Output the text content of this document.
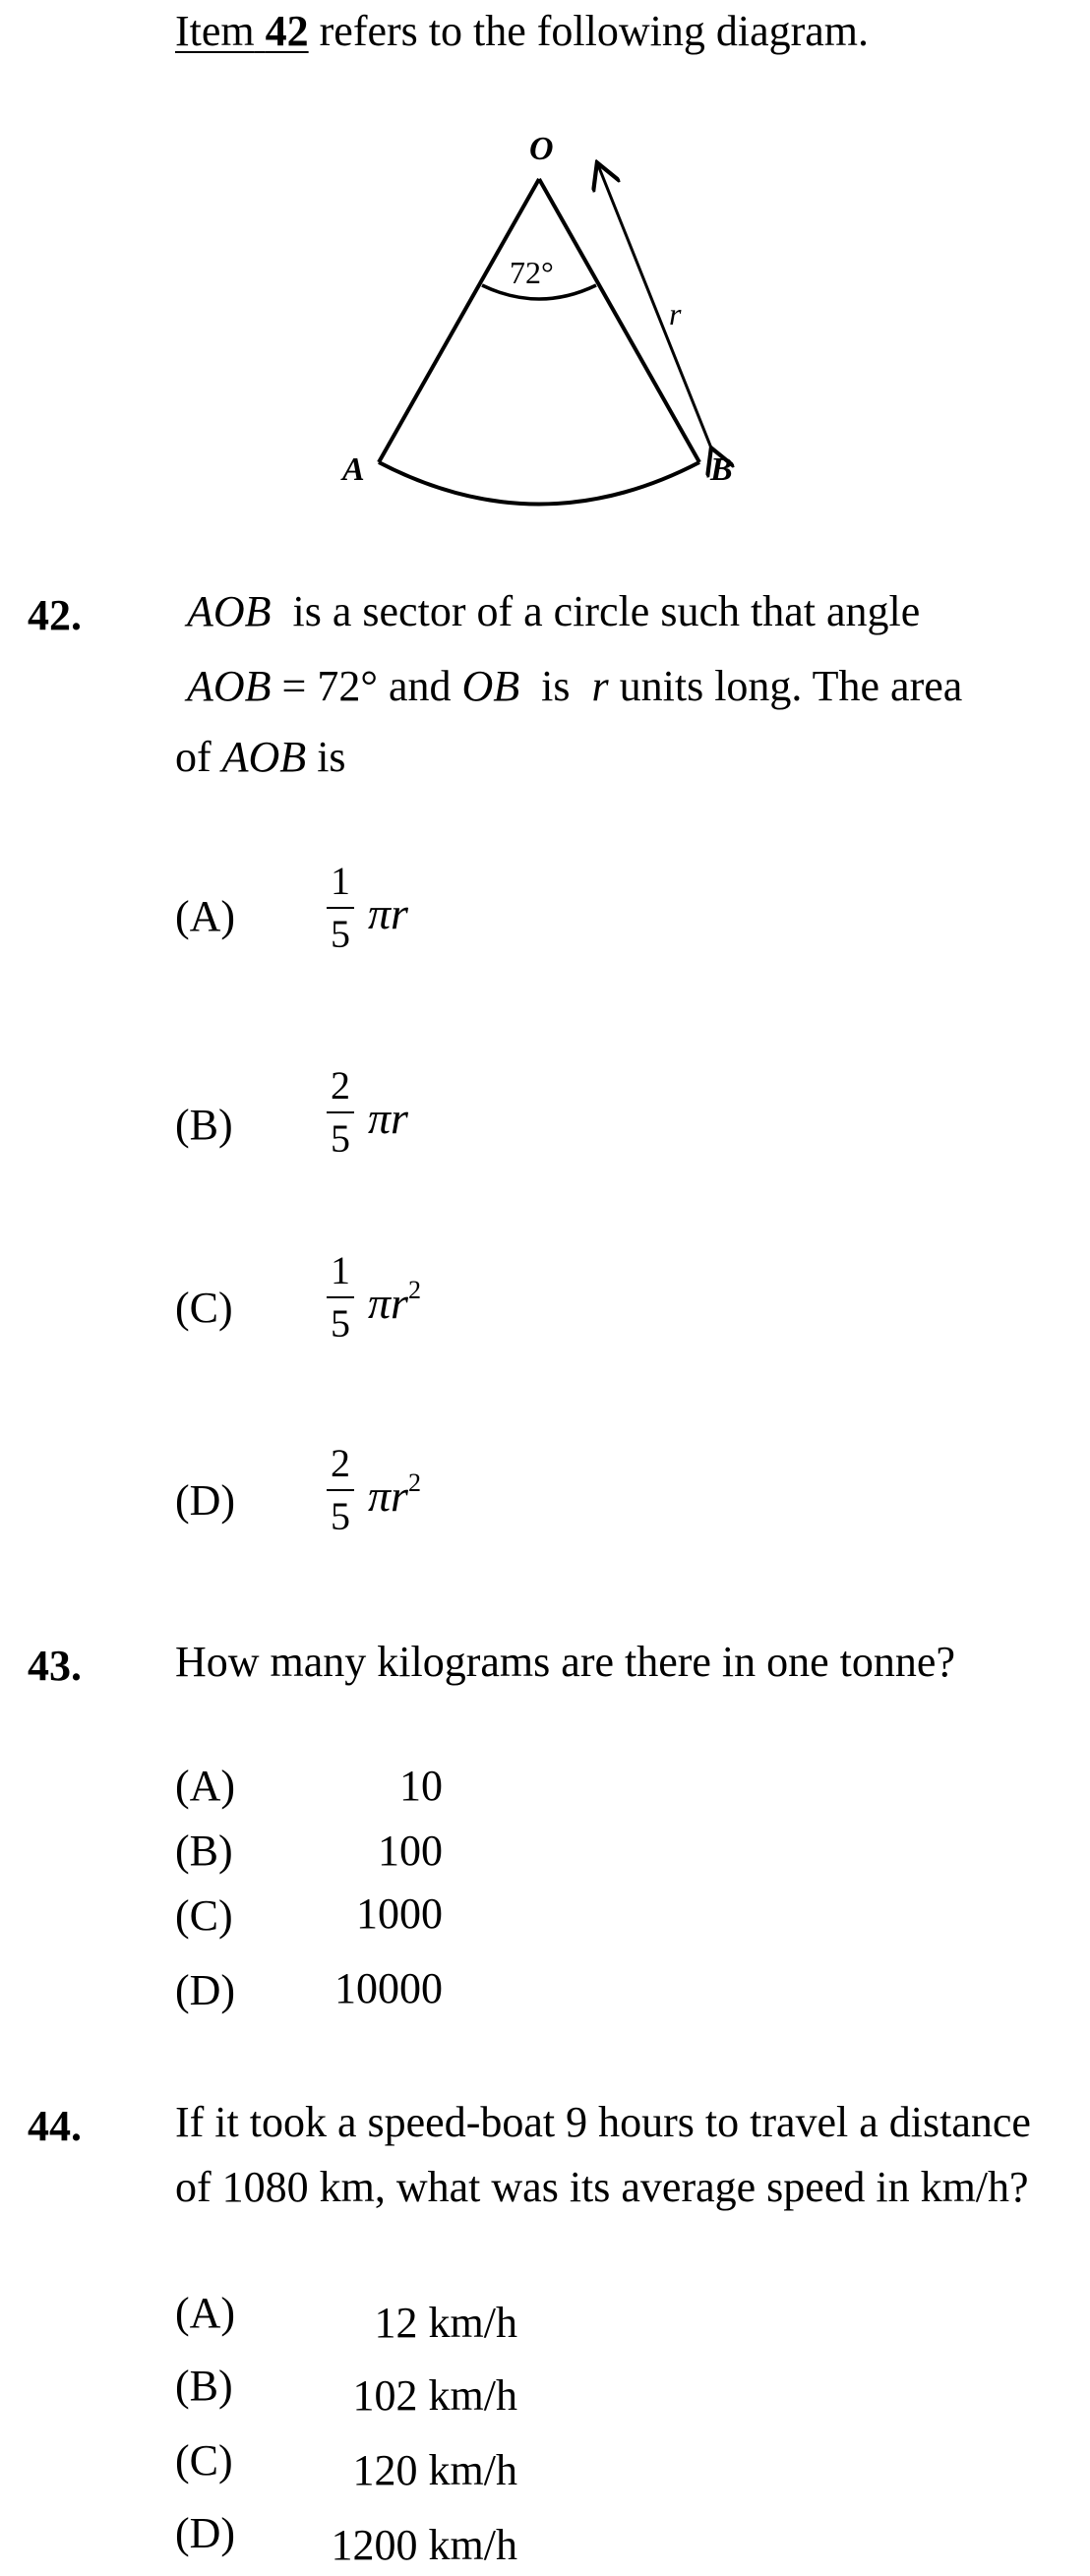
Item 42 refers to the following diagram.
O
A	B
72°
r
42. AOB is a sector of a circle such that angle
AOB = 72° and OB is r units long. The area
of AOB is
$(A) \frac{1}{5}$ πr
$(B) \frac{2}{5}$ πr
$(C) \frac{1}{5} \pi r^2$
$(D) \frac{2}{5} \pi r^2$
43. How many kilograms are there in one tonne?
(A)	10
(B)	100
(C)	1000
(D)	10000
44. If it took a speed-boat 9 hours to travel a distance
of 1080 km, what was its average speed in km/h?
(A)	12 km/h
(B)	102 km/h
(C)	120 km/h
(D)	1200 km/h
